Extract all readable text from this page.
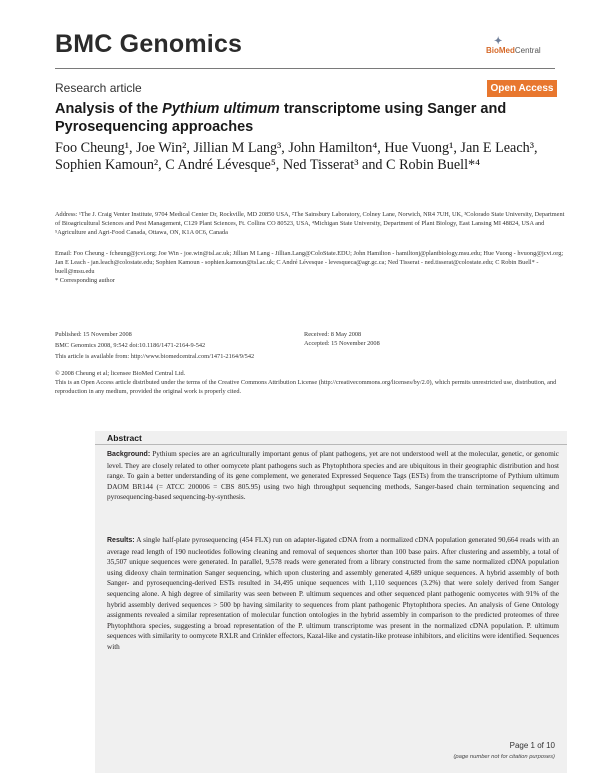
BMC Genomics	✦
BioMedCentral
Research article	Open Access
Analysis of the Pythium ultimum transcriptome using Sanger and Pyrosequencing approaches
Foo Cheung¹, Joe Win², Jillian M Lang³, John Hamilton⁴, Hue Vuong¹, Jan E Leach³, Sophien Kamoun², C André Lévesque⁵, Ned Tisserat³ and C Robin Buell*⁴
Address: ¹The J. Craig Venter Institute, 9704 Medical Center Dr, Rockville, MD 20850 USA, ²The Sainsbury Laboratory, Colney Lane, Norwich, NR4 7UH, UK, ³Colorado State University, Department of Bioagricultural Sciences and Pest Management, C129 Plant Sciences, Ft. Collins CO 80523, USA, ⁴Michigan State University, Department of Plant Biology, East Lansing MI 48824, USA and ⁵Agriculture and Agri-Food Canada, Ottawa, ON, K1A 0C6, Canada
Email: Foo Cheung - fcheung@jcvi.org; Joe Win - joe.win@tsl.ac.uk; Jillian M Lang - Jillian.Lang@ColoState.EDU; John Hamilton - hamiltonj@plantbiology.msu.edu; Hue Vuong - hvuong@jcvi.org; Jan E Leach - jan.leach@colostate.edu; Sophien Kamoun - sophien.kamoun@tsl.ac.uk; C André Lévesque - levesqueca@agr.gc.ca; Ned Tisserat - ned.tisserat@colostate.edu; C Robin Buell* - buell@msu.edu
* Corresponding author
Published: 15 November 2008
BMC Genomics 2008, 9:542 doi:10.1186/1471-2164-9-542
This article is available from: http://www.biomedcentral.com/1471-2164/9/542
Received: 8 May 2008
Accepted: 15 November 2008
© 2008 Cheung et al; licensee BioMed Central Ltd.
This is an Open Access article distributed under the terms of the Creative Commons Attribution License (http://creativecommons.org/licenses/by/2.0), which permits unrestricted use, distribution, and reproduction in any medium, provided the original work is properly cited.
Abstract
Background: Pythium species are an agriculturally important genus of plant pathogens, yet are not understood well at the molecular, genetic, or genomic level. They are closely related to other oomycete plant pathogens such as Phytophthora species and are ubiquitous in their geographic distribution and host range. To gain a better understanding of its gene complement, we generated Expressed Sequence Tags (ESTs) from the transcriptome of Pythium ultimum DAOM BR144 (= ATCC 200006 = CBS 805.95) using two high throughput sequencing methods, Sanger-based chain termination sequencing and pyrosequencing-based sequencing-by-synthesis.
Results: A single half-plate pyrosequencing (454 FLX) run on adapter-ligated cDNA from a normalized cDNA population generated 90,664 reads with an average read length of 190 nucleotides following cleaning and removal of sequences shorter than 100 base pairs. After clustering and assembly, a total of 35,507 unique sequences were generated. In parallel, 9,578 reads were generated from a library constructed from the same normalized cDNA population using dideoxy chain termination Sanger sequencing, which upon clustering and assembly generated 4,689 unique sequences. A hybrid assembly of both Sanger- and pyrosequencing-derived ESTs resulted in 34,495 unique sequences with 1,110 sequences (3.2%) that were solely derived from Sanger sequencing alone. A high degree of similarity was seen between P. ultimum sequences and other sequenced plant pathogenic oomycetes with 91% of the hybrid assembly derived sequences > 500 bp having similarity to sequences from plant pathogenic Phytophthora species. An analysis of Gene Ontology assignments revealed a similar representation of molecular function ontologies in the hybrid assembly in comparison to the predicted proteomes of three Phytophthora species, suggesting a broad representation of the P. ultimum transcriptome was present in the normalized cDNA population. P. ultimum sequences with similarity to oomycete RXLR and Crinkler effectors, Kazal-like and cystatin-like protease inhibitors, and elicitins were identified. Sequences with
Page 1 of 10
(page number not for citation purposes)
